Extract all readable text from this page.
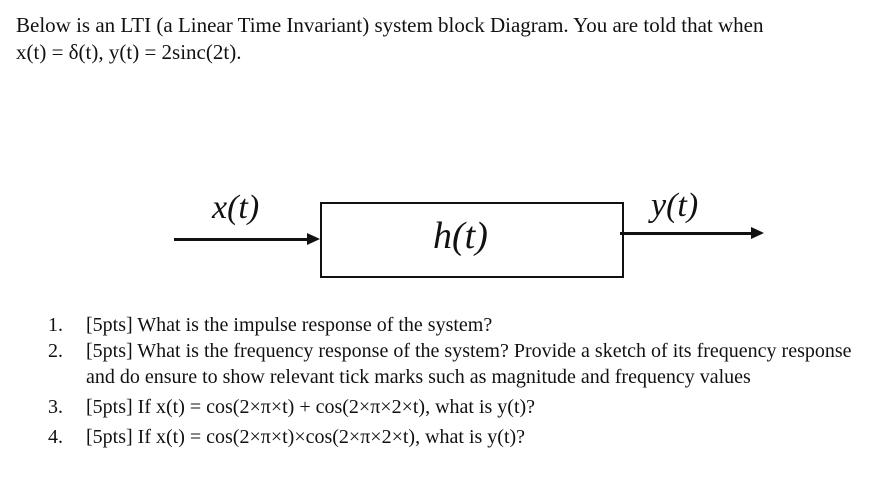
Below is an LTI (a Linear Time Invariant) system block Diagram. You are told that when
x(t) = δ(t), y(t) = 2sinc(2t).
x(t)
h(t)
y(t)
1. [5pts] What is the impulse response of the system?
2. [5pts] What is the frequency response of the system? Provide a sketch of its frequency response and do ensure to show relevant tick marks such as magnitude and frequency values
3. [5pts] If x(t) = cos(2×π×t) + cos(2×π×2×t), what is y(t)?
4. [5pts] If x(t) = cos(2×π×t)×cos(2×π×2×t), what is y(t)?
